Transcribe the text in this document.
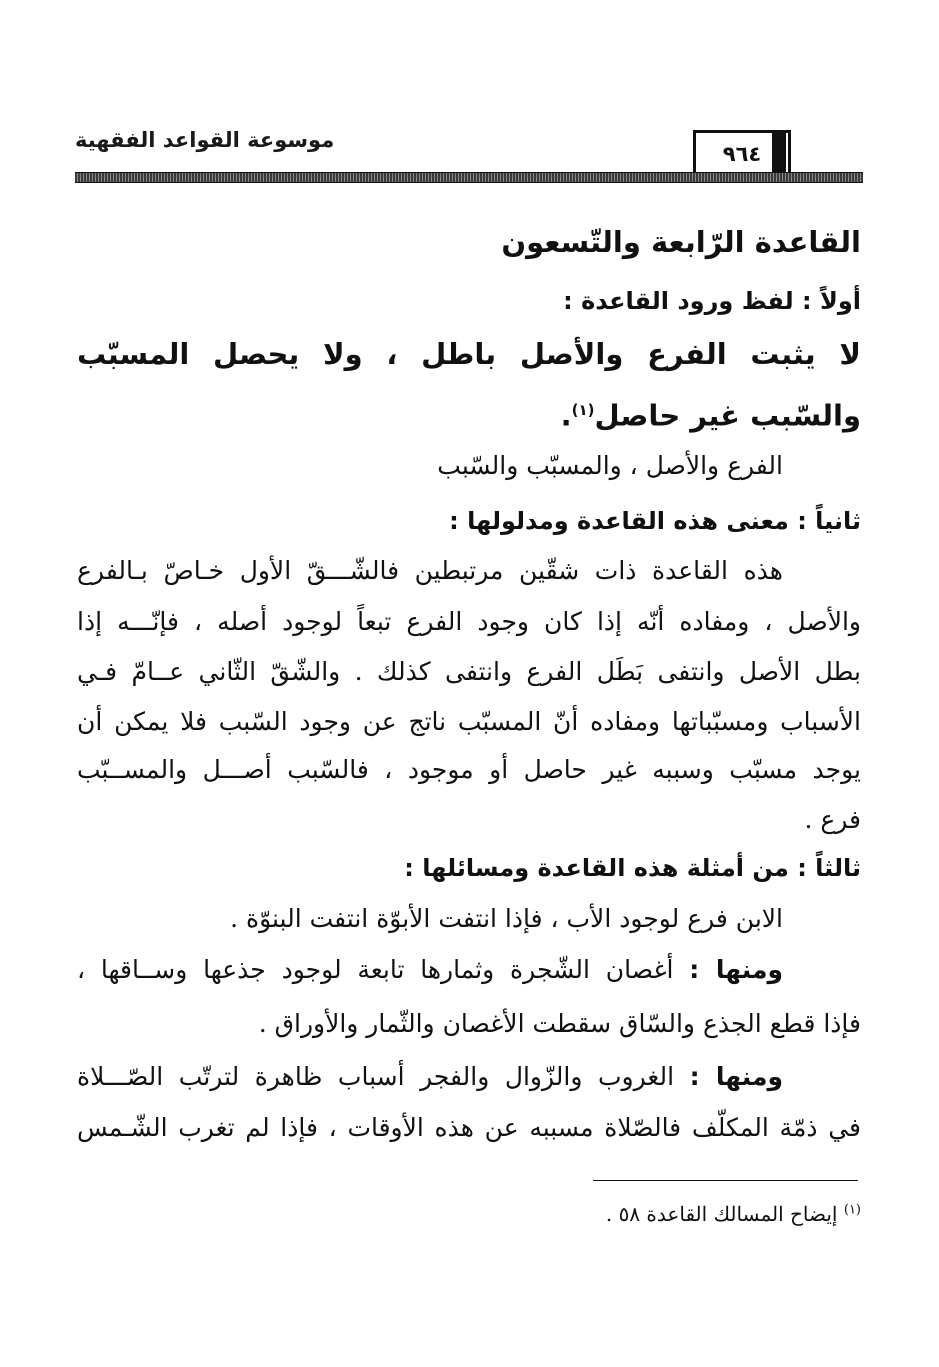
موسوعة القواعد الفقهية
٩٦٤
القاعدة الرّابعة والتّسعون
أولاً : لفظ ورود القاعدة :
لا يثبت الفرع والأصل باطل ، ولا يحصل المسبّب
والسّبب غير حاصل$^{(١)}$.
الفرع والأصل ، والمسبّب والسّبب
ثانياً : معنى هذه القاعدة ومدلولها :
هذه القاعدة ذات شقّين مرتبطين فالشّـــقّ الأول خـاصّ بـالفرع
والأصل ، ومفاده أنّه إذا كان وجود الفرع تبعاً لوجود أصله ، فإنّـــه إذا
بطل الأصل وانتفى بَطَل الفرع وانتفى كذلك . والشّقّ الثّاني عــامّ فـي
الأسباب ومسبّباتها ومفاده أنّ المسبّب ناتج عن وجود السّبب فلا يمكن أن
يوجد مسبّب وسببه غير حاصل أو موجود ، فالسّبب أصـــل والمســبّب
فرع .
ثالثاً : من أمثلة هذه القاعدة ومسائلها :
الابن فرع لوجود الأب ، فإذا انتفت الأبوّة انتفت البنوّة .
ومنها : أغصان الشّجرة وثمارها تابعة لوجود جذعها وســاقها ،
فإذا قطع الجذع والسّاق سقطت الأغصان والثّمار والأوراق .
ومنها : الغروب والزّوال والفجر أسباب ظاهرة لترتّب الصّـــلاة
في ذمّة المكلّف فالصّلاة مسببه عن هذه الأوقات ، فإذا لم تغرب الشّـمس
$^{(١)}$ إيضاح المسالك القاعدة ٥٨ .
